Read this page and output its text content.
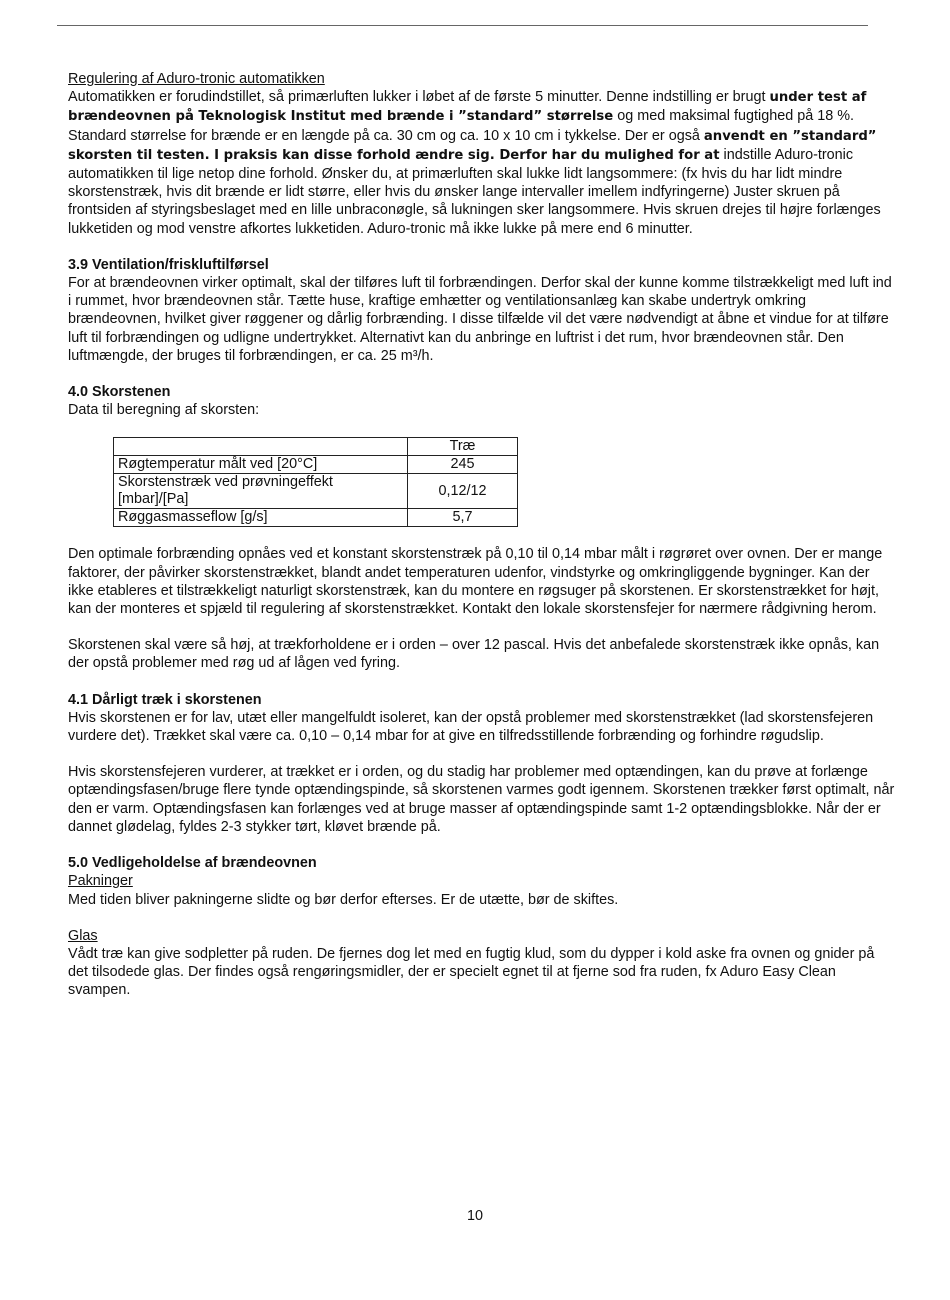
Regulering af Aduro-tronic automatikken

Automatikken er forudindstillet, så primærluften lukker i løbet af de første 5 minutter. Denne indstilling er brugt under test af brændeovnen på Teknologisk Institut med brænde i ”standard” størrelse og med maksimal fugtighed på 18 %. Standard størrelse for brænde er en længde på ca. 30 cm og ca. 10 x 10 cm i tykkelse. Der er også anvendt en ”standard” skorsten til testen. I praksis kan disse forhold ændre sig. Derfor har du mulighed for at indstille Aduro-tronic automatikken til lige netop dine forhold. Ønsker du, at primærluften skal lukke lidt langsommere: (fx hvis du har lidt mindre skorstenstræk, hvis dit brænde er lidt større, eller hvis du ønsker lange intervaller imellem indfyringerne) Juster skruen på frontsiden af styringsbeslaget med en lille unbraconøgle, så lukningen sker langsommere. Hvis skruen drejes til højre forlænges lukketiden og mod venstre afkortes lukketiden. Aduro-tronic må ikke lukke på mere end 6 minutter.

3.9 Ventilation/friskluftilførsel

For at brændeovnen virker optimalt, skal der tilføres luft til forbrændingen. Derfor skal der kunne komme tilstrækkeligt med luft ind i rummet, hvor brændeovnen står. Tætte huse, kraftige emhætter og ventilationsanlæg kan skabe undertryk omkring brændeovnen, hvilket giver røggener og dårlig forbrænding. I disse tilfælde vil det være nødvendigt at åbne et vindue for at tilføre luft til forbrændingen og udligne undertrykket. Alternativt kan du anbringe en luftrist i det rum, hvor brændeovnen står. Den luftmængde, der bruges til forbrændingen, er ca. 25 m³/h.

4.0 Skorstenen

Data til beregning af skorsten:

	Træ
Røgtemperatur målt ved [20°C]	245
Skorstenstræk ved prøvningeffekt [mbar]/[Pa]	0,12/12
Røggasmasseflow [g/s]	5,7

Den optimale forbrænding opnåes ved et konstant skorstenstræk på 0,10 til 0,14 mbar målt i røgrøret over ovnen. Der er mange faktorer, der påvirker skorstenstrækket, blandt andet temperaturen udenfor, vindstyrke og omkringliggende bygninger. Kan der ikke etableres et tilstrækkeligt naturligt skorstenstræk, kan du montere en røgsuger på skorstenen. Er skorstenstrækket for højt, kan der monteres et spjæld til regulering af skorstenstrækket. Kontakt den lokale skorstensfejer for nærmere rådgivning herom.

Skorstenen skal være så høj, at trækforholdene er i orden – over 12 pascal. Hvis det anbefalede skorstenstræk ikke opnås, kan der opstå problemer med røg ud af lågen ved fyring.

4.1 Dårligt træk i skorstenen

Hvis skorstenen er for lav, utæt eller mangelfuldt isoleret, kan der opstå problemer med skorstenstrækket (lad skorstensfejeren vurdere det). Trækket skal være ca. 0,10 – 0,14 mbar for at give en tilfredsstillende forbrænding og forhindre røgudslip.

Hvis skorstensfejeren vurderer, at trækket er i orden, og du stadig har problemer med optændingen, kan du prøve at forlænge optændingsfasen/bruge flere tynde optændingspinde, så skorstenen varmes godt igennem. Skorstenen trækker først optimalt, når den er varm. Optændingsfasen kan forlænges ved at bruge masser af optændingspinde samt 1-2 optændingsblokke. Når der er dannet glødelag, fyldes 2-3 stykker tørt, kløvet brænde på.

5.0 Vedligeholdelse af brændeovnen

Pakninger

Med tiden bliver pakningerne slidte og bør derfor efterses. Er de utætte, bør de skiftes.

Glas

Vådt træ kan give sodpletter på ruden. De fjernes dog let med en fugtig klud, som du dypper i kold aske fra ovnen og gnider på det tilsodede glas. Der findes også rengøringsmidler, der er specielt egnet til at fjerne sod fra ruden, fx Aduro Easy Clean svampen.

10
